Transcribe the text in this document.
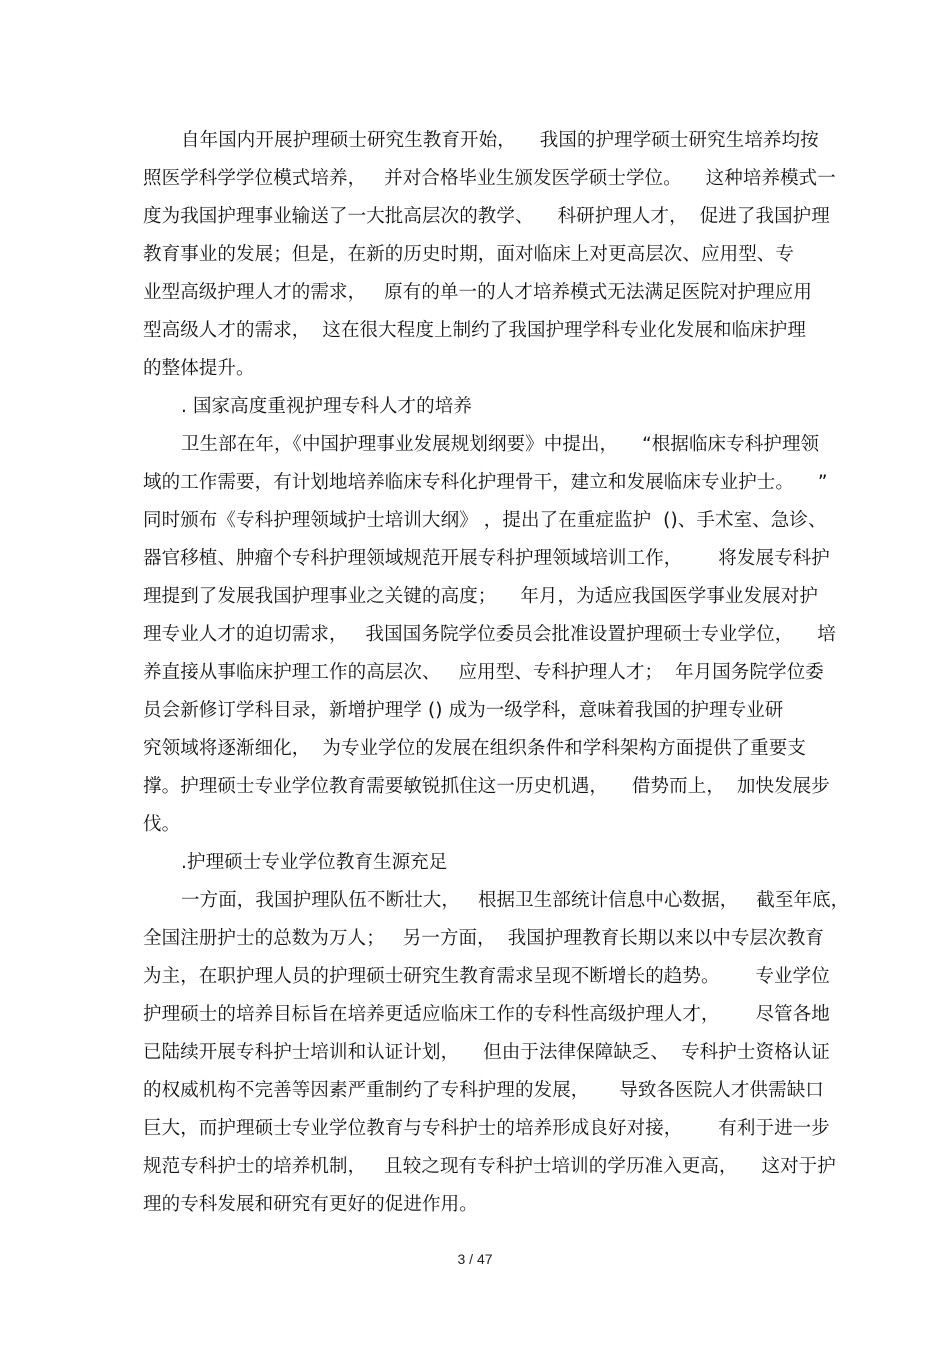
自年国内开展护理硕士研究生教育开始，    我国的护理学硕士研究生培养均按

照医学科学学位模式培养，   并对合格毕业生颁发医学硕士学位。    这种培养模式一

度为我国护理事业输送了一大批高层次的教学、    科研护理人才，  促进了我国护理

教育事业的发展；但是，在新的历史时期，面对临床上对更高层次、应用型、专

业型高级护理人才的需求，   原有的单一的人才培养模式无法满足医院对护理应用

型高级人才的需求，  这在很大程度上制约了我国护理学科专业化发展和临床护理

的整体提升。

. 国家高度重视护理专科人才的培养

卫生部在年，《中国护理事业发展规划纲要》中提出，    “根据临床专科护理领

域的工作需要，有计划地培养临床专科化护理骨干，建立和发展临床专业护士。    ”

同时颁布《专科护理领域护士培训大纲》 ，提出了在重症监护  ()、手术室、急诊、

器官移植、肿瘤个专科护理领域规范开展专科护理领域培训工作，      将发展专科护

理提到了发展我国护理事业之关键的高度；    年月，为适应我国医学事业发展对护

理专业人才的迫切需求，   我国国务院学位委员会批准设置护理硕士专业学位，    培

养直接从事临床护理工作的高层次、   应用型、专科护理人才；  年月国务院学位委

员会新修订学科目录，新增护理学 () 成为一级学科，意味着我国的护理专业研

究领域将逐渐细化，  为专业学位的发展在组织条件和学科架构方面提供了重要支

撑。护理硕士专业学位教育需要敏锐抓住这一历史机遇，    借势而上，  加快发展步

伐。

.护理硕士专业学位教育生源充足

一方面，我国护理队伍不断壮大，   根据卫生部统计信息中心数据，   截至年底，

全国注册护士的总数为万人；   另一方面，  我国护理教育长期以来以中专层次教育

为主，在职护理人员的护理硕士研究生教育需求呈现不断增长的趋势。      专业学位

护理硕士的培养目标旨在培养更适应临床工作的专科性高级护理人才，      尽管各地

已陆续开展专科护士培训和认证计划，    但由于法律保障缺乏、  专科护士资格认证

的权威机构不完善等因素严重制约了专科护理的发展，     导致各医院人才供需缺口

巨大，而护理硕士专业学位教育与专科护士的培养形成良好对接，      有利于进一步

规范专科护士的培养机制，   且较之现有专科护士培训的学历准入更高，    这对于护

理的专科发展和研究有更好的促进作用。

3 / 47
